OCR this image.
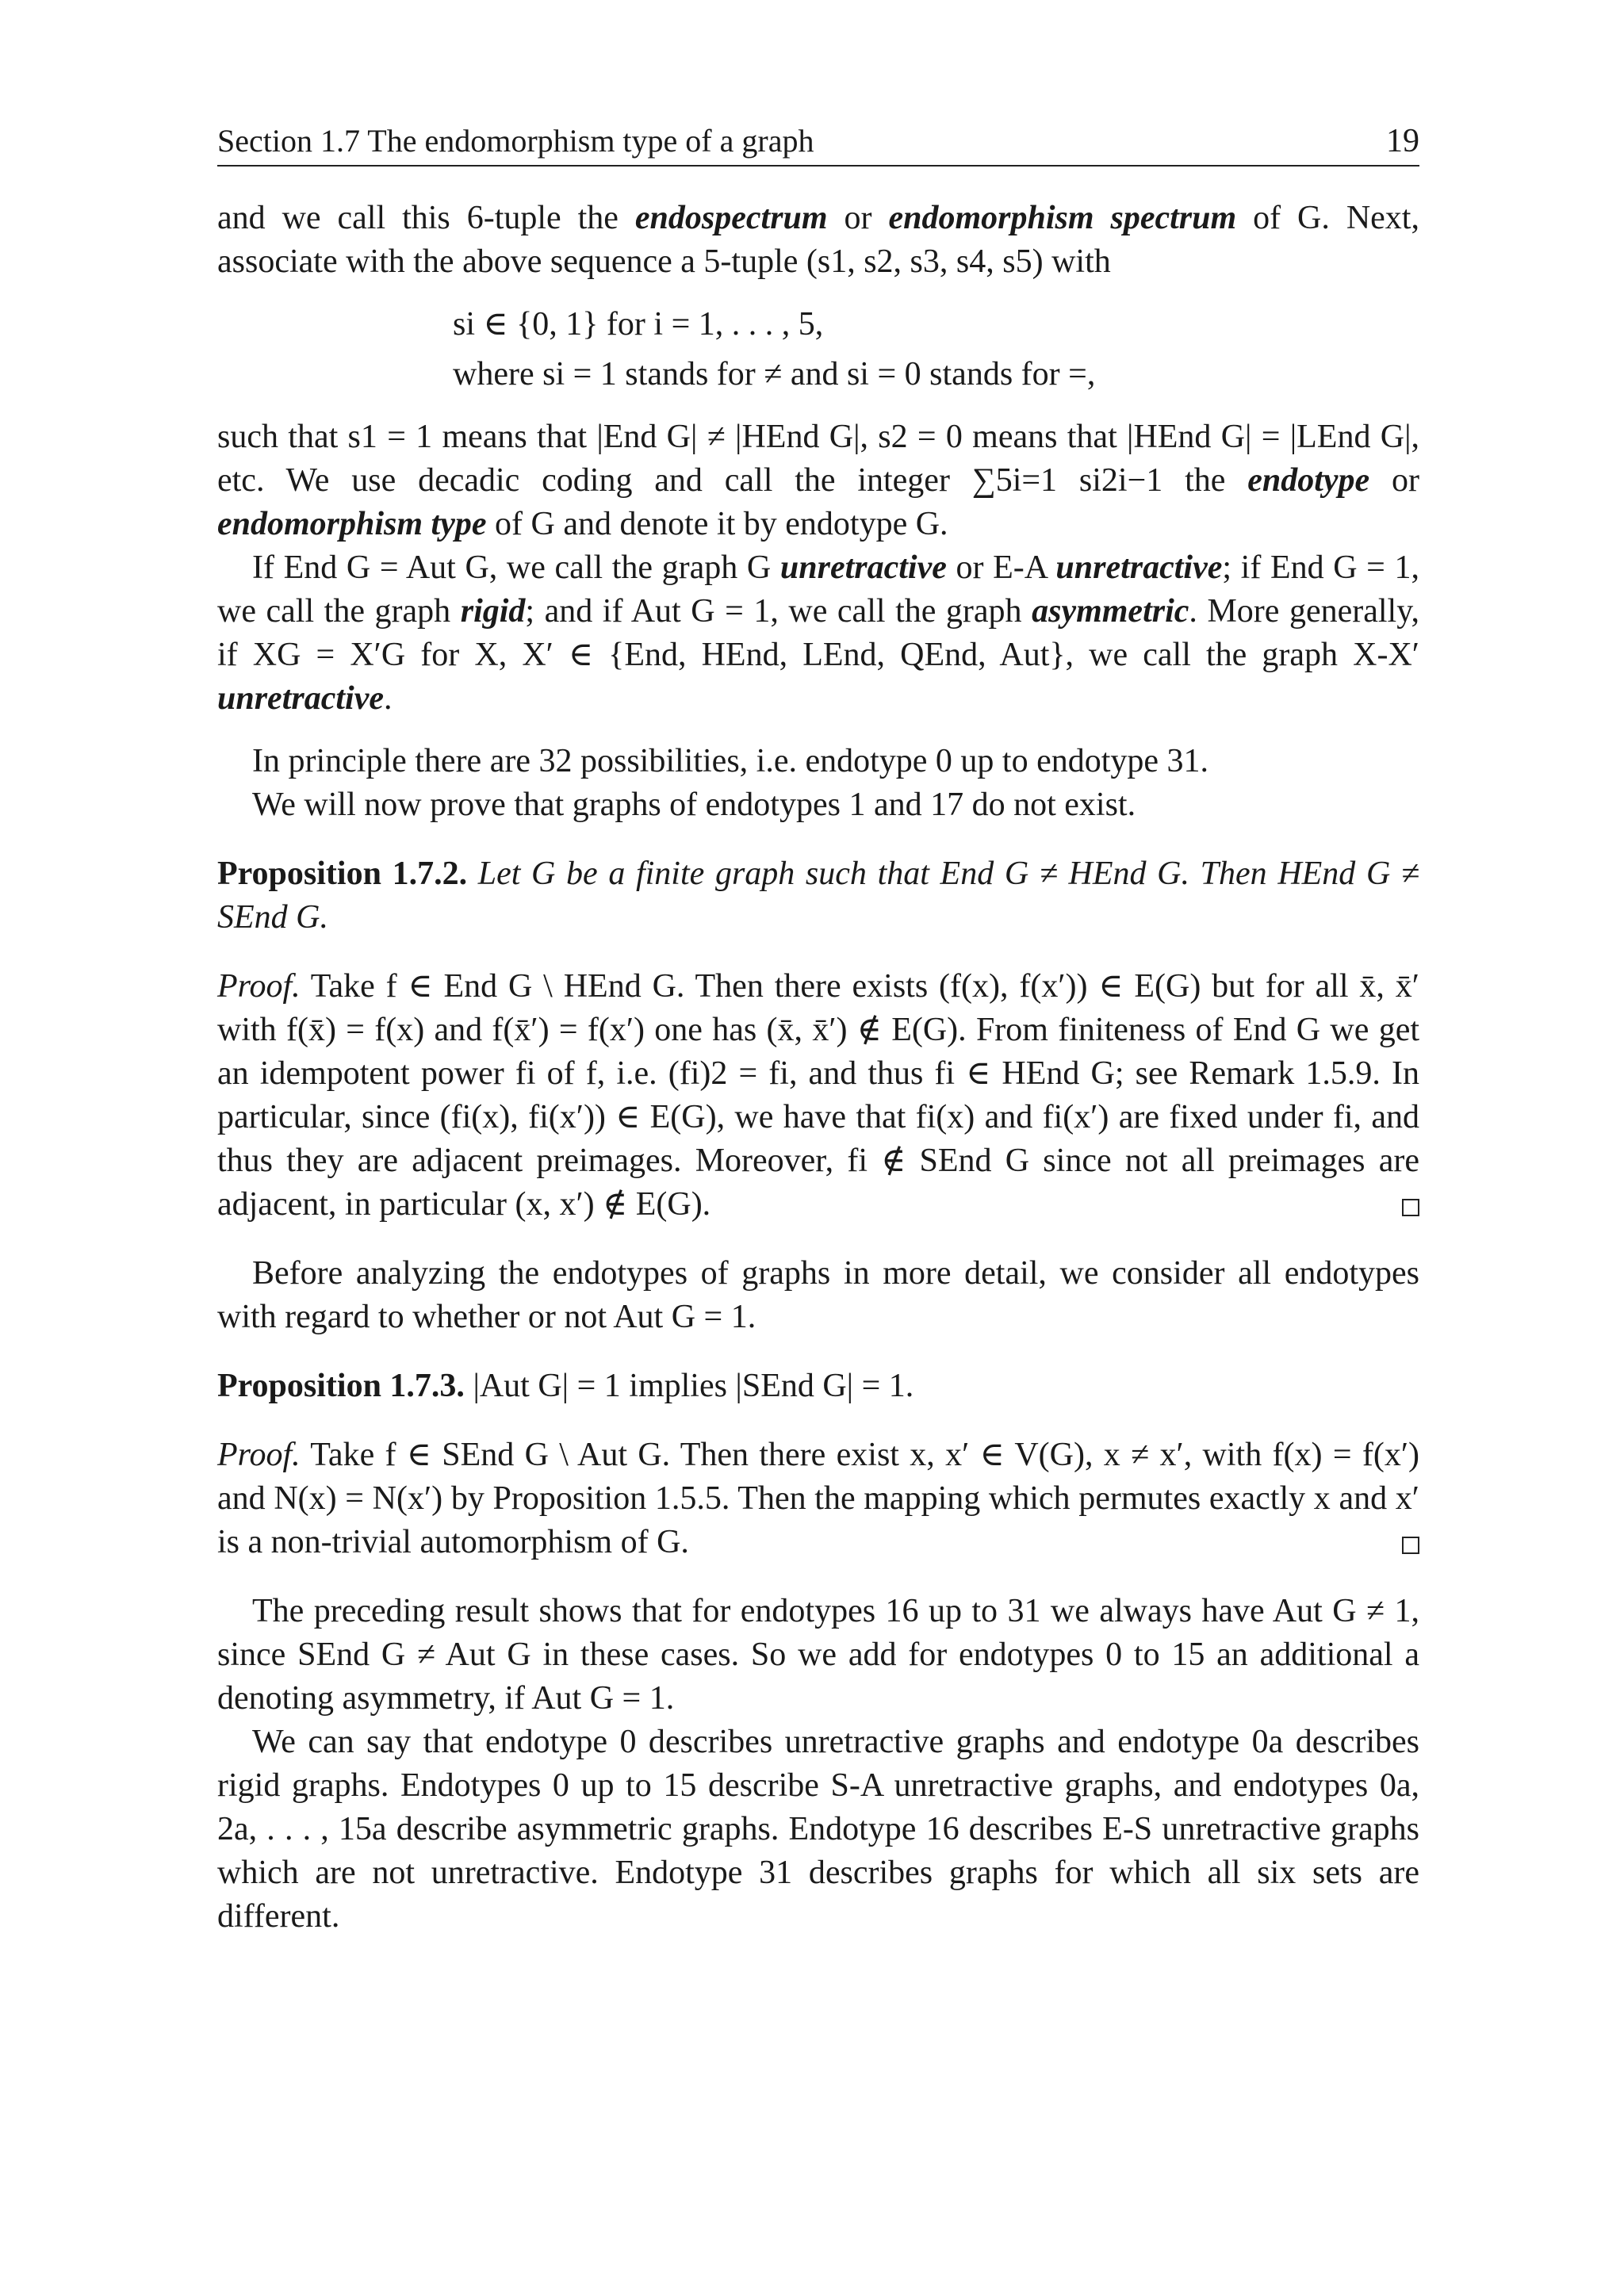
Section 1.7 The endomorphism type of a graph	19

and we call this 6-tuple the endospectrum or endomorphism spectrum of G. Next, associate with the above sequence a 5-tuple (s1, s2, s3, s4, s5) with

si ∈ {0, 1} for i = 1, . . . , 5,

where si = 1 stands for ≠ and si = 0 stands for =,

such that s1 = 1 means that |End G| ≠ |HEnd G|, s2 = 0 means that |HEnd G| = |LEnd G|, etc. We use decadic coding and call the integer ∑5i=1 si2i−1 the endotype or endomorphism type of G and denote it by endotype G.

If End G = Aut G, we call the graph G unretractive or E-A unretractive; if End G = 1, we call the graph rigid; and if Aut G = 1, we call the graph asymmetric. More generally, if XG = X′G for X, X′ ∈ {End, HEnd, LEnd, QEnd, Aut}, we call the graph X-X′ unretractive.

In principle there are 32 possibilities, i.e. endotype 0 up to endotype 31.

We will now prove that graphs of endotypes 1 and 17 do not exist.

Proposition 1.7.2. Let G be a finite graph such that End G ≠ HEnd G. Then HEnd G ≠ SEnd G.

Proof. Take f ∈ End G \ HEnd G. Then there exists (f(x), f(x′)) ∈ E(G) but for all x̄, x̄′ with f(x̄) = f(x) and f(x̄′) = f(x′) one has (x̄, x̄′) ∉ E(G). From finiteness of End G we get an idempotent power fi of f, i.e. (fi)2 = fi, and thus fi ∈ HEnd G; see Remark 1.5.9. In particular, since (fi(x), fi(x′)) ∈ E(G), we have that fi(x) and fi(x′) are fixed under fi, and thus they are adjacent preimages. Moreover, fi ∉ SEnd G since not all preimages are adjacent, in particular (x, x′) ∉ E(G).

Before analyzing the endotypes of graphs in more detail, we consider all endotypes with regard to whether or not Aut G = 1.

Proposition 1.7.3. |Aut G| = 1 implies |SEnd G| = 1.

Proof. Take f ∈ SEnd G \ Aut G. Then there exist x, x′ ∈ V(G), x ≠ x′, with f(x) = f(x′) and N(x) = N(x′) by Proposition 1.5.5. Then the mapping which permutes exactly x and x′ is a non-trivial automorphism of G.

The preceding result shows that for endotypes 16 up to 31 we always have Aut G ≠ 1, since SEnd G ≠ Aut G in these cases. So we add for endotypes 0 to 15 an additional a denoting asymmetry, if Aut G = 1.

We can say that endotype 0 describes unretractive graphs and endotype 0a describes rigid graphs. Endotypes 0 up to 15 describe S-A unretractive graphs, and endotypes 0a, 2a, . . . , 15a describe asymmetric graphs. Endotype 16 describes E-S unretractive graphs which are not unretractive. Endotype 31 describes graphs for which all six sets are different.
